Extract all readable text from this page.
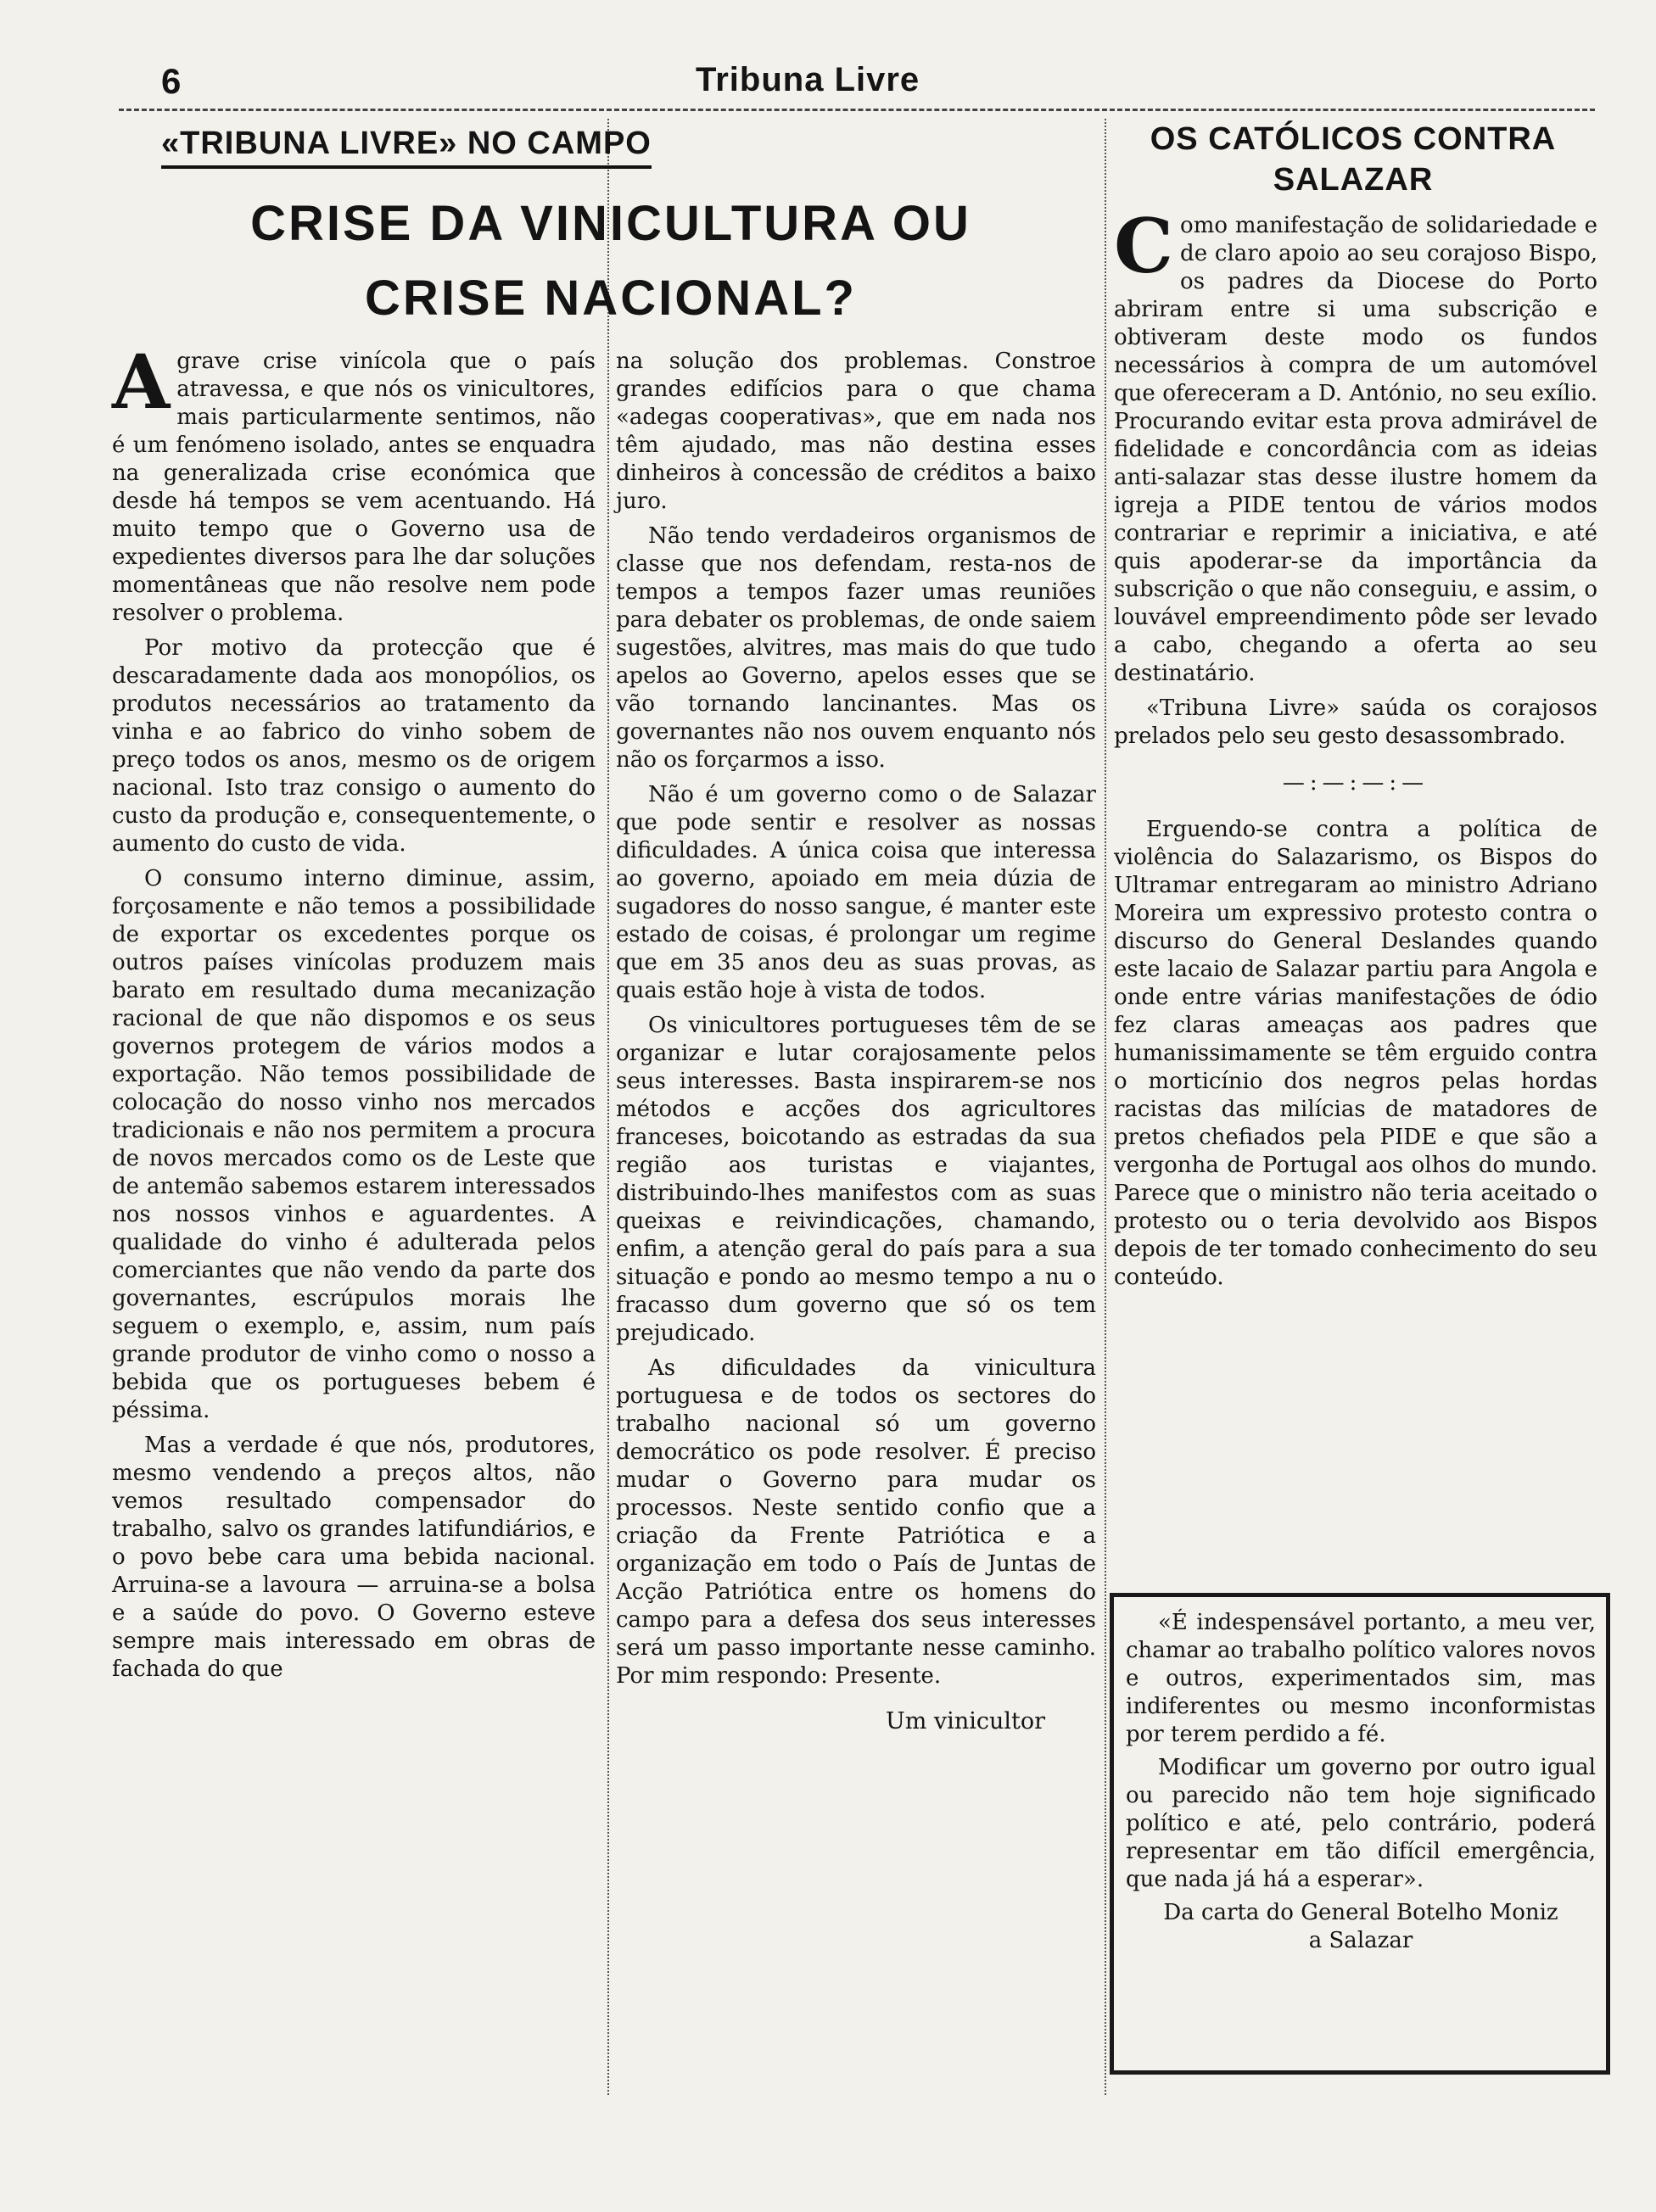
6	Tribuna Livre
«TRIBUNA LIVRE» NO CAMPO
CRISE DA VINICULTURA OU
CRISE NACIONAL?

Agrave crise vinícola que o país atravessa, e que nós os vinicultores, mais particularmente sentimos, não é um fenómeno isolado, antes se enquadra na generalizada crise económica que desde há tempos se vem acentuando. Há muito tempo que o Governo usa de expedientes diversos para lhe dar soluções momentâneas que não resolve nem pode resolver o problema.

Por motivo da protecção que é descaradamente dada aos monopólios, os produtos necessários ao tratamento da vinha e ao fabrico do vinho sobem de preço todos os anos, mesmo os de origem nacional. Isto traz consigo o aumento do custo da produção e, consequentemente, o aumento do custo de vida.

O consumo interno diminue, assim, forçosamente e não temos a possibilidade de exportar os excedentes porque os outros países vinícolas produzem mais barato em resultado duma mecanização racional de que não dispomos e os seus governos protegem de vários modos a exportação. Não temos possibilidade de colocação do nosso vinho nos mercados tradicionais e não nos permitem a procura de novos mercados como os de Leste que de antemão sabemos estarem interessados nos nossos vinhos e aguardentes. A qualidade do vinho é adulterada pelos comerciantes que não vendo da parte dos governantes, escrúpulos morais lhe seguem o exemplo, e, assim, num país grande produtor de vinho como o nosso a bebida que os portugueses bebem é péssima.

Mas a verdade é que nós, produtores, mesmo vendendo a preços altos, não vemos resultado compensador do trabalho, salvo os grandes latifundiários, e o povo bebe cara uma bebida nacional. Arruina-se a lavoura — arruina-se a bolsa e a saúde do povo. O Governo esteve sempre mais interessado em obras de fachada do que

na solução dos problemas. Constroe grandes edifícios para o que chama «adegas cooperativas», que em nada nos têm ajudado, mas não destina esses dinheiros à concessão de créditos a baixo juro.

Não tendo verdadeiros organismos de classe que nos defendam, resta-nos de tempos a tempos fazer umas reuniões para debater os problemas, de onde saiem sugestões, alvitres, mas mais do que tudo apelos ao Governo, apelos esses que se vão tornando lancinantes. Mas os governantes não nos ouvem enquanto nós não os forçarmos a isso.

Não é um governo como o de Salazar que pode sentir e resolver as nossas dificuldades. A única coisa que interessa ao governo, apoiado em meia dúzia de sugadores do nosso sangue, é manter este estado de coisas, é prolongar um regime que em 35 anos deu as suas provas, as quais estão hoje à vista de todos.

Os vinicultores portugueses têm de se organizar e lutar corajosamente pelos seus interesses. Basta inspirarem-se nos métodos e acções dos agricultores franceses, boicotando as estradas da sua região aos turistas e viajantes, distribuindo-lhes manifestos com as suas queixas e reivindicações, chamando, enfim, a atenção geral do país para a sua situação e pondo ao mesmo tempo a nu o fracasso dum governo que só os tem prejudicado.

As dificuldades da vinicultura portuguesa e de todos os sectores do trabalho nacional só um governo democrático os pode resolver. É preciso mudar o Governo para mudar os processos. Neste sentido confio que a criação da Frente Patriótica e a organização em todo o País de Juntas de Acção Patriótica entre os homens do campo para a defesa dos seus interesses será um passo importante nesse caminho. Por mim respondo: Presente.

Um vinicultor
OS CATÓLICOS CONTRA
SALAZAR

Como manifestação de solidariedade e de claro apoio ao seu corajoso Bispo, os padres da Diocese do Porto abriram entre si uma subscrição e obtiveram deste modo os fundos necessários à compra de um automóvel que ofereceram a D. António, no seu exílio. Procurando evitar esta prova admirável de fidelidade e concordância com as ideias anti-salazar stas desse ilustre homem da igreja a PIDE tentou de vários modos contrariar e reprimir a iniciativa, e até quis apoderar-se da importância da subscrição o que não conseguiu, e assim, o louvável empreendimento pôde ser levado a cabo, chegando a oferta ao seu destinatário.

«Tribuna Livre» saúda os corajosos prelados pelo seu gesto desassombrado.

—:—:—:—

Erguendo-se contra a política de violência do Salazarismo, os Bispos do Ultramar entregaram ao ministro Adriano Moreira um expressivo protesto contra o discurso do General Deslandes quando este lacaio de Salazar partiu para Angola e onde entre várias manifestações de ódio fez claras ameaças aos padres que humanissimamente se têm erguido contra o morticínio dos negros pelas hordas racistas das milícias de matadores de pretos chefiados pela PIDE e que são a vergonha de Portugal aos olhos do mundo. Parece que o ministro não teria aceitado o protesto ou o teria devolvido aos Bispos depois de ter tomado conhecimento do seu conteúdo.

«É indespensável portanto, a meu ver, chamar ao trabalho político valores novos e outros, experimentados sim, mas indiferentes ou mesmo inconformistas por terem perdido a fé.

Modificar um governo por outro igual ou parecido não tem hoje significado político e até, pelo contrário, poderá representar em tão difícil emergência, que nada já há a esperar».

Da carta do General Botelho Moniz

a Salazar
